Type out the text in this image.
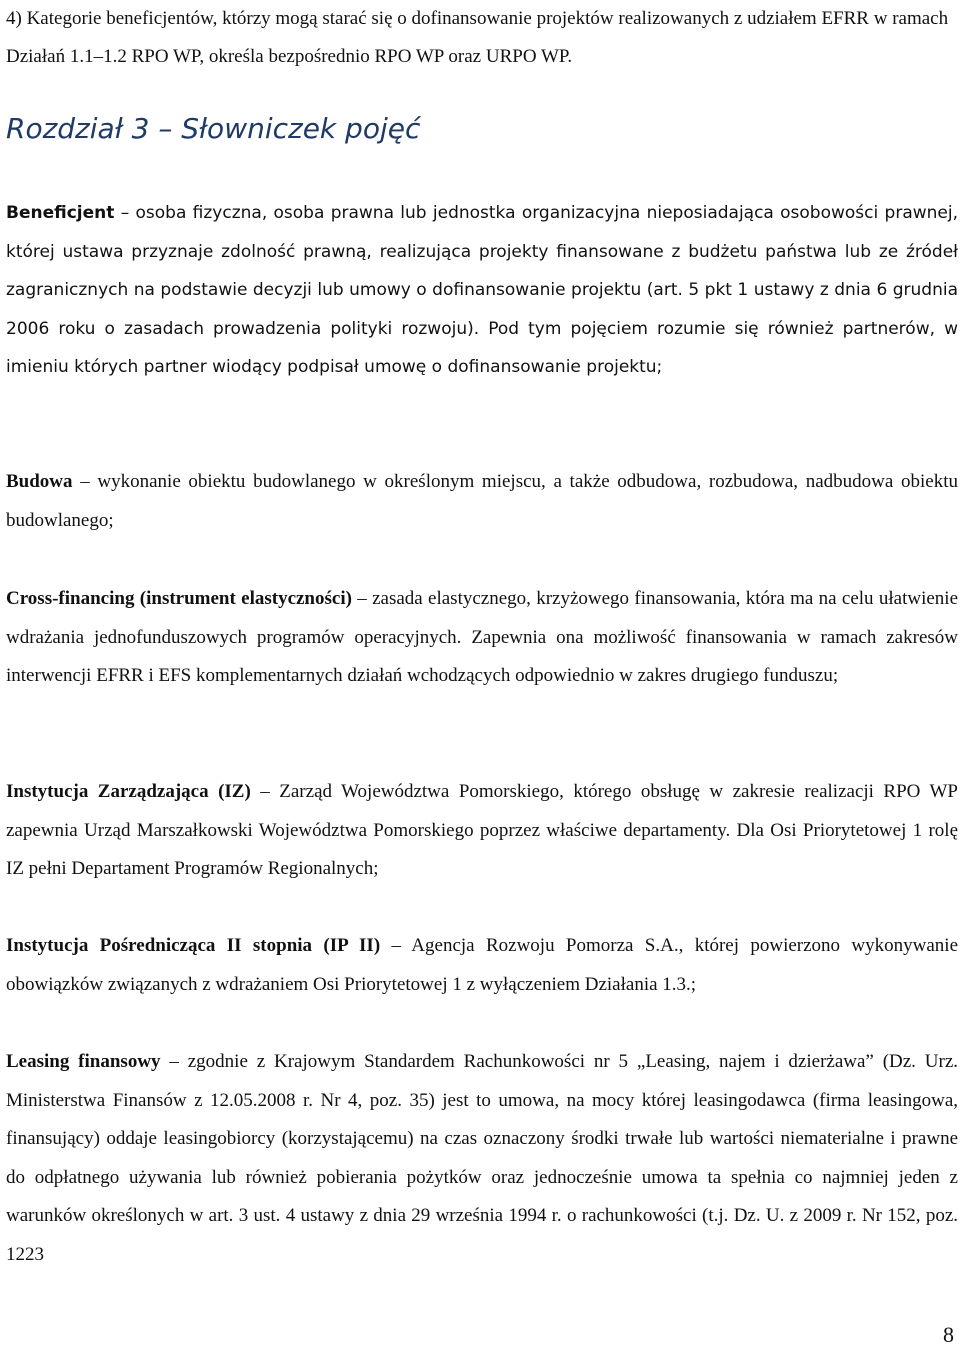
4) Kategorie beneficjentów, którzy mogą starać się o dofinansowanie projektów realizowanych z udziałem EFRR w ramach Działań 1.1–1.2 RPO WP, określa bezpośrednio RPO WP oraz URPO WP.

Rozdział 3 – Słowniczek pojęć

Beneficjent – osoba fizyczna, osoba prawna lub jednostka organizacyjna nieposiadająca osobowości prawnej, której ustawa przyznaje zdolność prawną, realizująca projekty finansowane z budżetu państwa lub ze źródeł zagranicznych na podstawie decyzji lub umowy o dofinansowanie projektu (art. 5 pkt 1 ustawy z dnia 6 grudnia 2006 roku o zasadach prowadzenia polityki rozwoju). Pod tym pojęciem rozumie się również partnerów, w imieniu których partner wiodący podpisał umowę o dofinansowanie projektu;

Budowa – wykonanie obiektu budowlanego w określonym miejscu, a także odbudowa, rozbudowa, nadbudowa obiektu budowlanego;

Cross-financing (instrument elastyczności) – zasada elastycznego, krzyżowego finansowania, która ma na celu ułatwienie wdrażania jednofunduszowych programów operacyjnych. Zapewnia ona możliwość finansowania w ramach zakresów interwencji EFRR i EFS komplementarnych działań wchodzących odpowiednio w zakres drugiego funduszu;

Instytucja Zarządzająca (IZ) – Zarząd Województwa Pomorskiego, którego obsługę w zakresie realizacji RPO WP zapewnia Urząd Marszałkowski Województwa Pomorskiego poprzez właściwe departamenty. Dla Osi Priorytetowej 1 rolę IZ pełni Departament Programów Regionalnych;

Instytucja Pośrednicząca II stopnia (IP II) – Agencja Rozwoju Pomorza S.A., której powierzono wykonywanie obowiązków związanych z wdrażaniem Osi Priorytetowej 1 z wyłączeniem Działania 1.3.;

Leasing finansowy – zgodnie z Krajowym Standardem Rachunkowości nr 5 „Leasing, najem i dzierżawa” (Dz. Urz. Ministerstwa Finansów z 12.05.2008 r. Nr 4, poz. 35) jest to umowa, na mocy której leasingodawca (firma leasingowa, finansujący) oddaje leasingobiorcy (korzystającemu) na czas oznaczony środki trwałe lub wartości niematerialne i prawne do odpłatnego używania lub również pobierania pożytków oraz jednocześnie umowa ta spełnia co najmniej jeden z warunków określonych w art. 3 ust. 4 ustawy z dnia 29 września 1994 r. o rachunkowości (t.j. Dz. U. z 2009 r. Nr 152, poz. 1223

8
